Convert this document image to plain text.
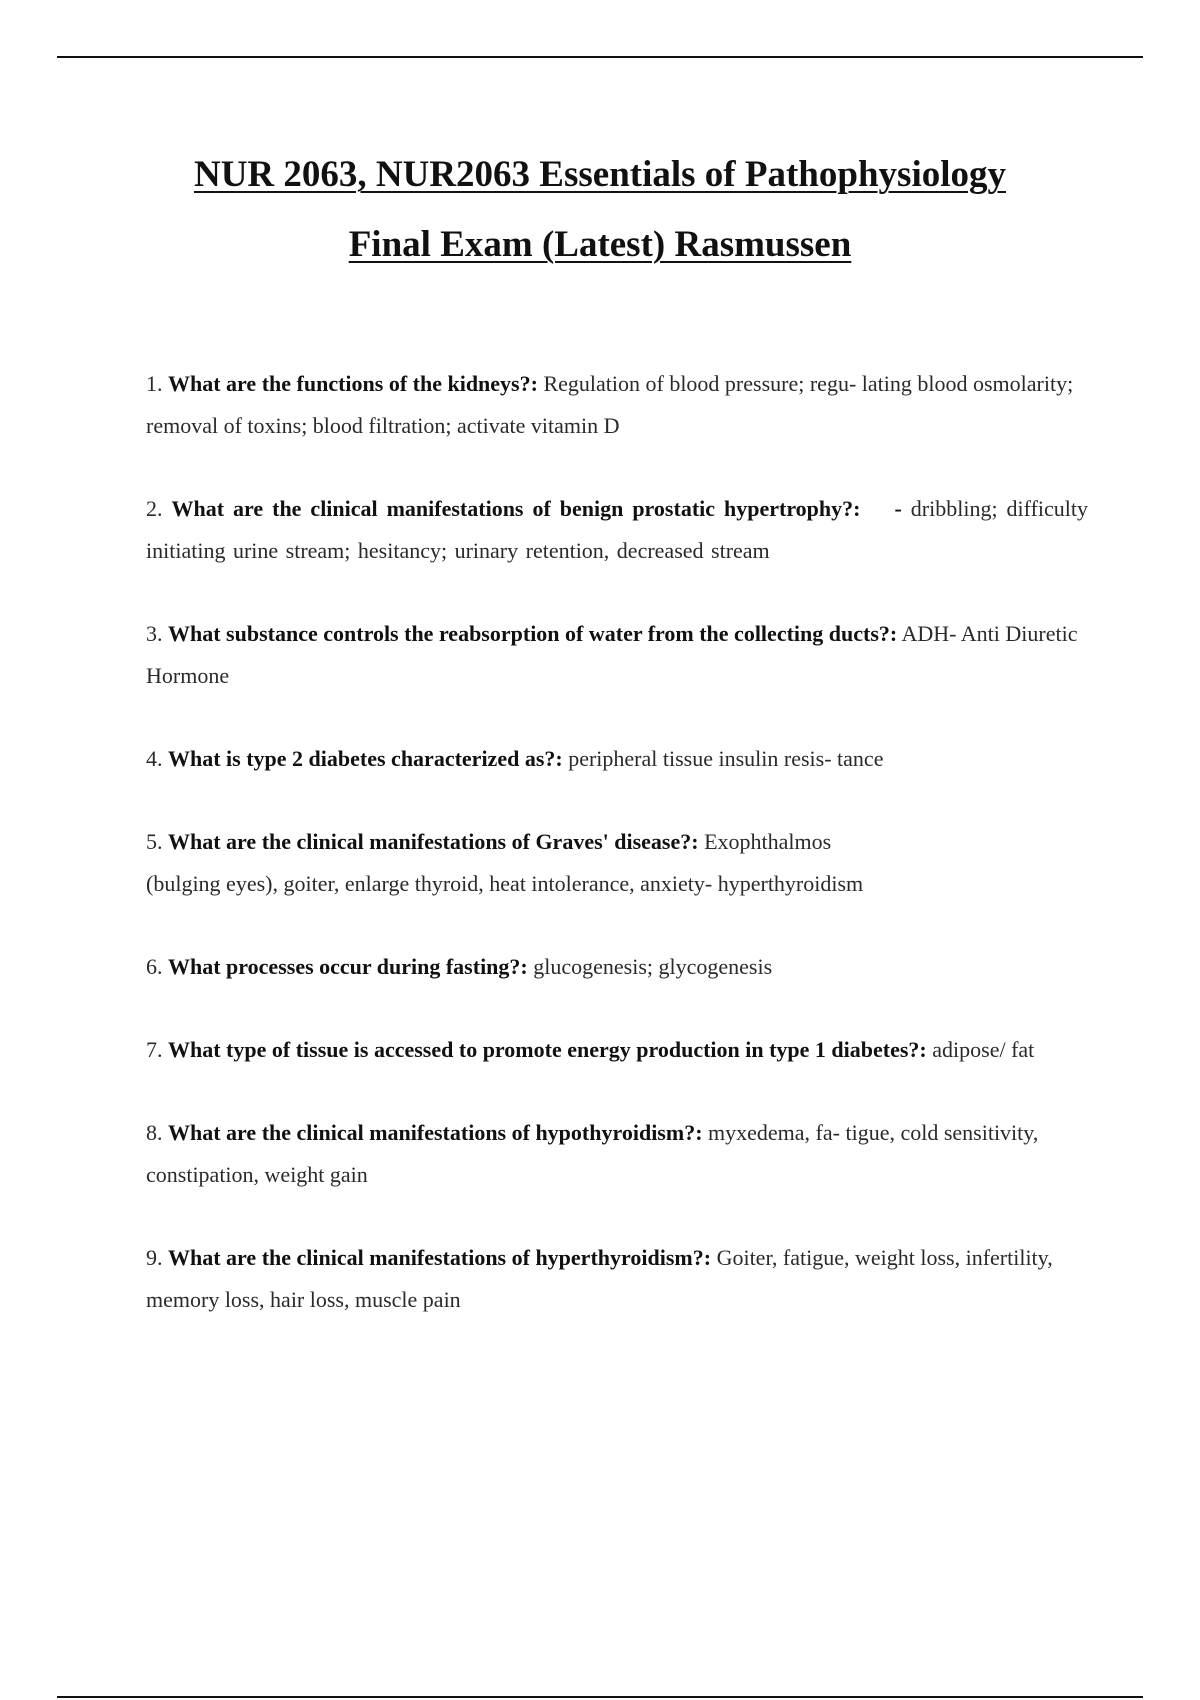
NUR 2063, NUR2063 Essentials of Pathophysiology
Final Exam (Latest) Rasmussen
1. What are the functions of the kidneys?: Regulation of blood pressure; regu- lating blood osmolarity; removal of toxins; blood filtration; activate vitamin D
2. What are the clinical manifestations of benign prostatic hypertrophy?: - dribbling; difficulty initiating urine stream; hesitancy; urinary retention, decreased stream
3. What substance controls the reabsorption of water from the collecting ducts?: ADH- Anti Diuretic Hormone
4. What is type 2 diabetes characterized as?: peripheral tissue insulin resis- tance
5. What are the clinical manifestations of Graves' disease?: Exophthalmos
(bulging eyes), goiter, enlarge thyroid, heat intolerance, anxiety- hyperthyroidism
6. What processes occur during fasting?: glucogenesis; glycogenesis
7. What type of tissue is accessed to promote energy production in type 1 diabetes?: adipose/ fat
8. What are the clinical manifestations of hypothyroidism?: myxedema, fa- tigue, cold sensitivity, constipation, weight gain
9. What are the clinical manifestations of hyperthyroidism?: Goiter, fatigue, weight loss, infertility, memory loss, hair loss, muscle pain
